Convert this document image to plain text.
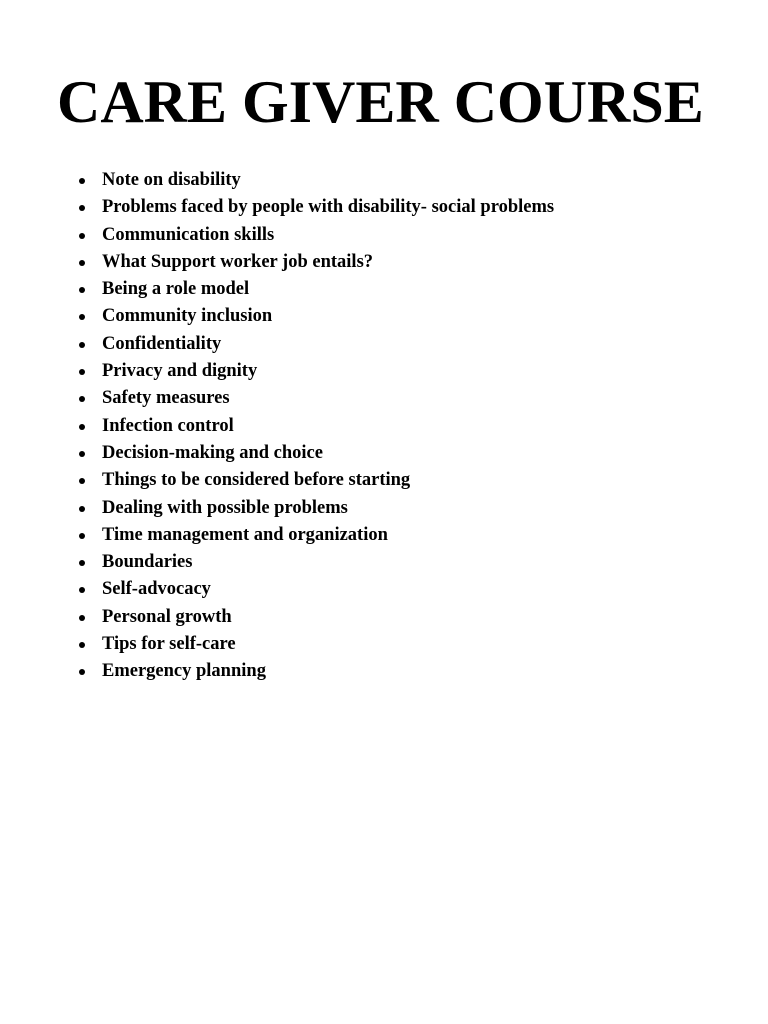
CARE GIVER COURSE
Note on disability
Problems faced by people with disability- social problems
Communication skills
What Support worker job entails?
Being a role model
Community inclusion
Confidentiality
Privacy and dignity
Safety measures
Infection control
Decision-making and choice
Things to be considered before starting
Dealing with possible problems
Time management and organization
Boundaries
Self-advocacy
Personal growth
Tips for self-care
Emergency planning
